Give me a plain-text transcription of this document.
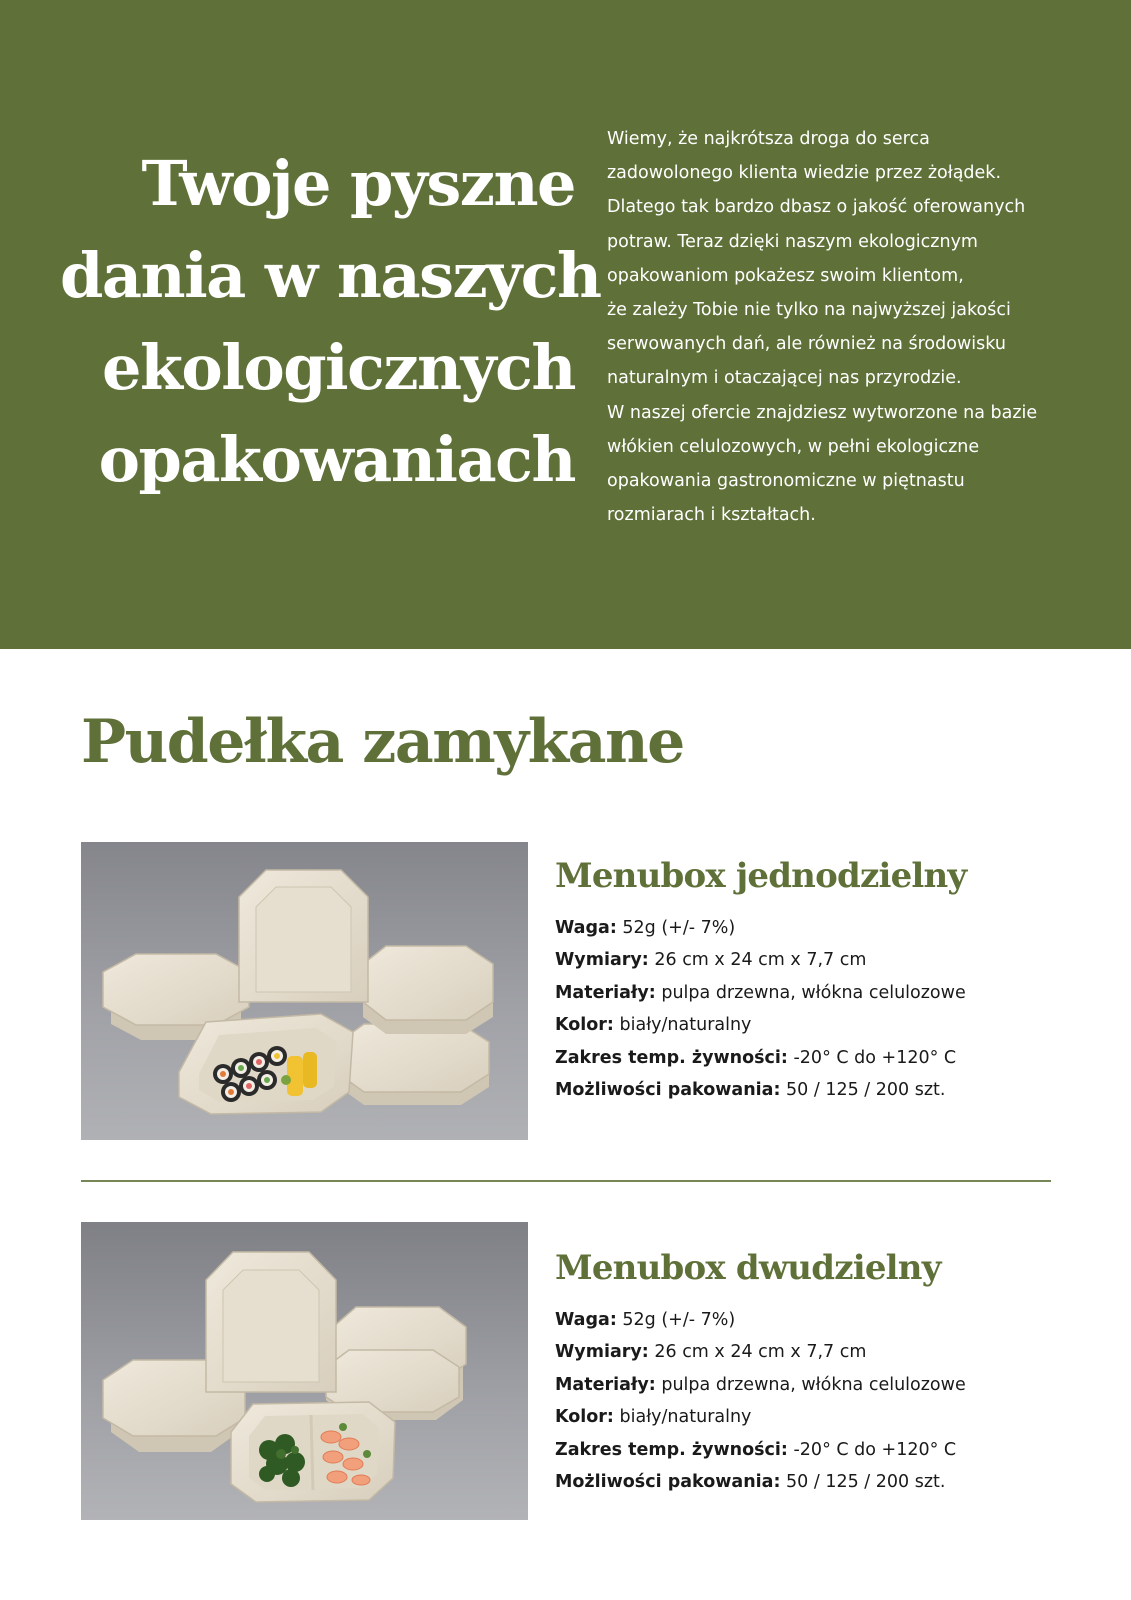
Twoje pyszne
dania w naszych
ekologicznych
opakowaniach

Wiemy, że najkrótsza droga do serca
zadowolonego klienta wiedzie przez żołądek.
Dlatego tak bardzo dbasz o jakość oferowanych
potraw. Teraz dzięki naszym ekologicznym
opakowaniom pokażesz swoim klientom,
że zależy Tobie nie tylko na najwyższej jakości
serwowanych dań, ale również na środowisku
naturalnym i otaczającej nas przyrodzie.
W naszej ofercie znajdziesz wytworzone na bazie
włókien celulozowych, w pełni ekologiczne
opakowania gastronomiczne w piętnastu
rozmiarach i kształtach.

Pudełka zamykane
Menubox jednodzielny
Waga: 52g (+/- 7%)
Wymiary: 26 cm x 24 cm x 7,7 cm
Materiały: pulpa drzewna, włókna celulozowe
Kolor: biały/naturalny
Zakres temp. żywności: -20° C do +120° C
Możliwości pakowania: 50 / 125 / 200 szt.
Menubox dwudzielny
Waga: 52g (+/- 7%)
Wymiary: 26 cm x 24 cm x 7,7 cm
Materiały: pulpa drzewna, włókna celulozowe
Kolor: biały/naturalny
Zakres temp. żywności: -20° C do +120° C
Możliwości pakowania: 50 / 125 / 200 szt.
